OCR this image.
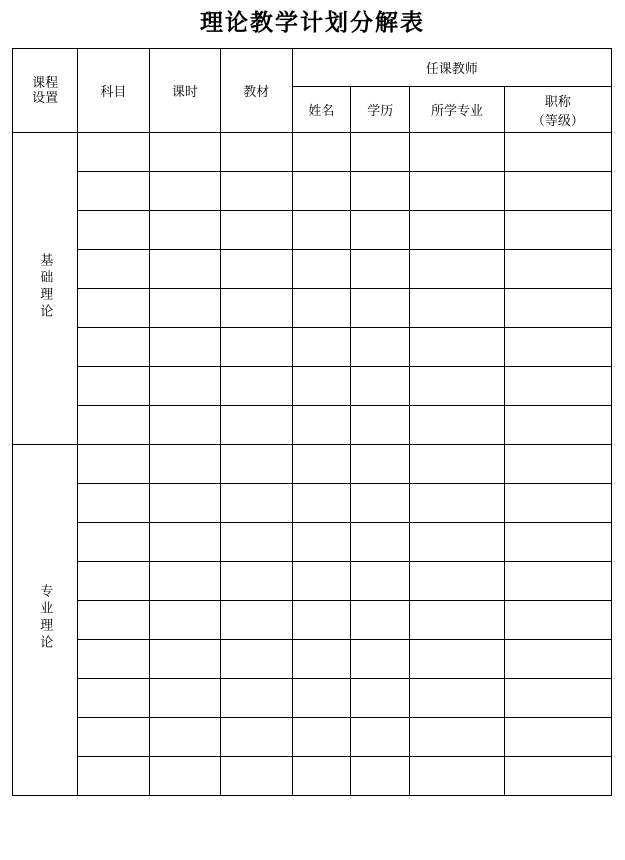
理论教学计划分解表
课程
设置	科目	课时	教材	任课教师			
				姓名	学历	所学专业	职称
（等级）

基础理论							

专业理论							
